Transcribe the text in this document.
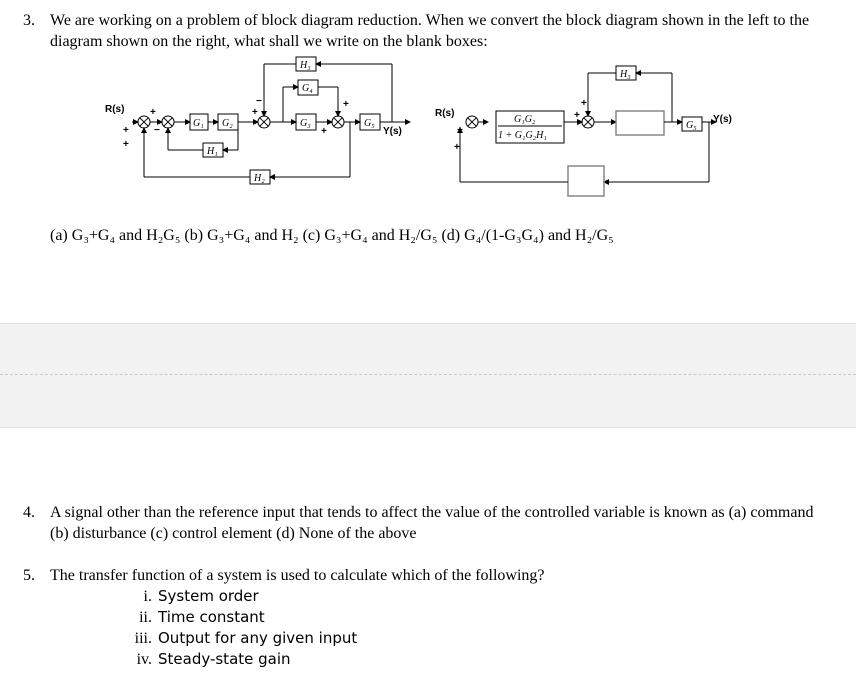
3. We are working on a problem of block diagram reduction. When we convert the block diagram shown in the left to the diagram shown on the right, what shall we write on the blank boxes:
R(s)
Y(s)
G₁ G₂	G₃	G₅
G₄
H₃
H₁
H₂
+
+
+
−
+
−	+
+
R(s)
Y(s)
G₁G₂
1 + G₁G₂H₁
H₃
G₅
+
+
+
+
(a) G₃+G₄ and H₂G₅ (b) G₃+G₄ and H₂ (c) G₃+G₄ and H₂/G₅ (d) G₄/(1-G₃G₄) and H₂/G₅
4. A signal other than the reference input that tends to affect the value of the controlled variable is known as (a) command (b) disturbance (c) control element (d) None of the above
5. The transfer function of a system is used to calculate which of the following?
i. System order
ii. Time constant
iii. Output for any given input
iv. Steady-state gain
